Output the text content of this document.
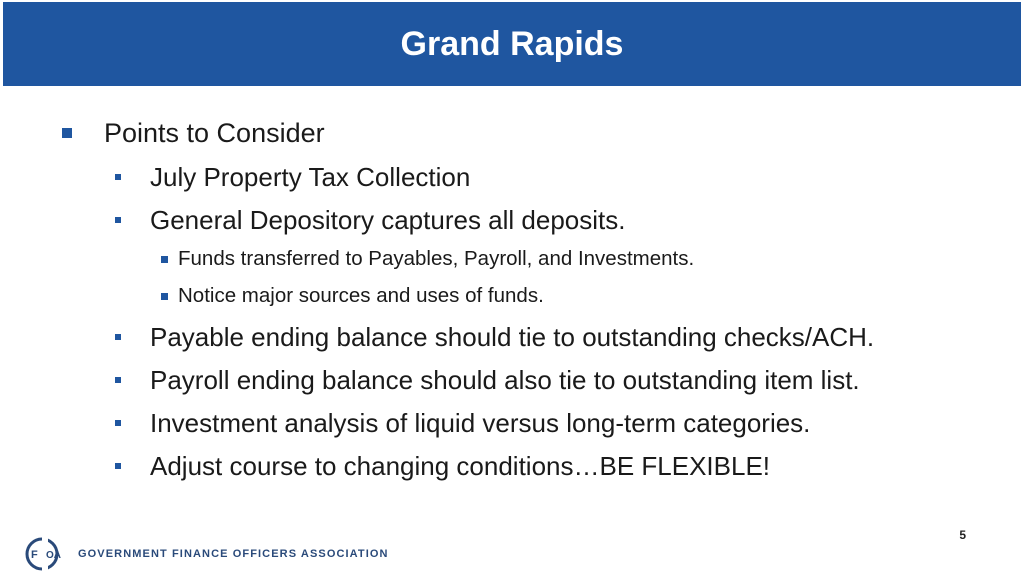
Grand Rapids
Points to Consider
July Property Tax Collection
General Depository captures all deposits.
Funds transferred to Payables, Payroll, and Investments.
Notice major sources and uses of funds.
Payable ending balance should tie to outstanding checks/ACH.
Payroll ending balance should also tie to outstanding item list.
Investment analysis of liquid versus long-term categories.
Adjust course to changing conditions…BE FLEXIBLE!
5
F OA GOVERNMENT FINANCE OFFICERS ASSOCIATION
